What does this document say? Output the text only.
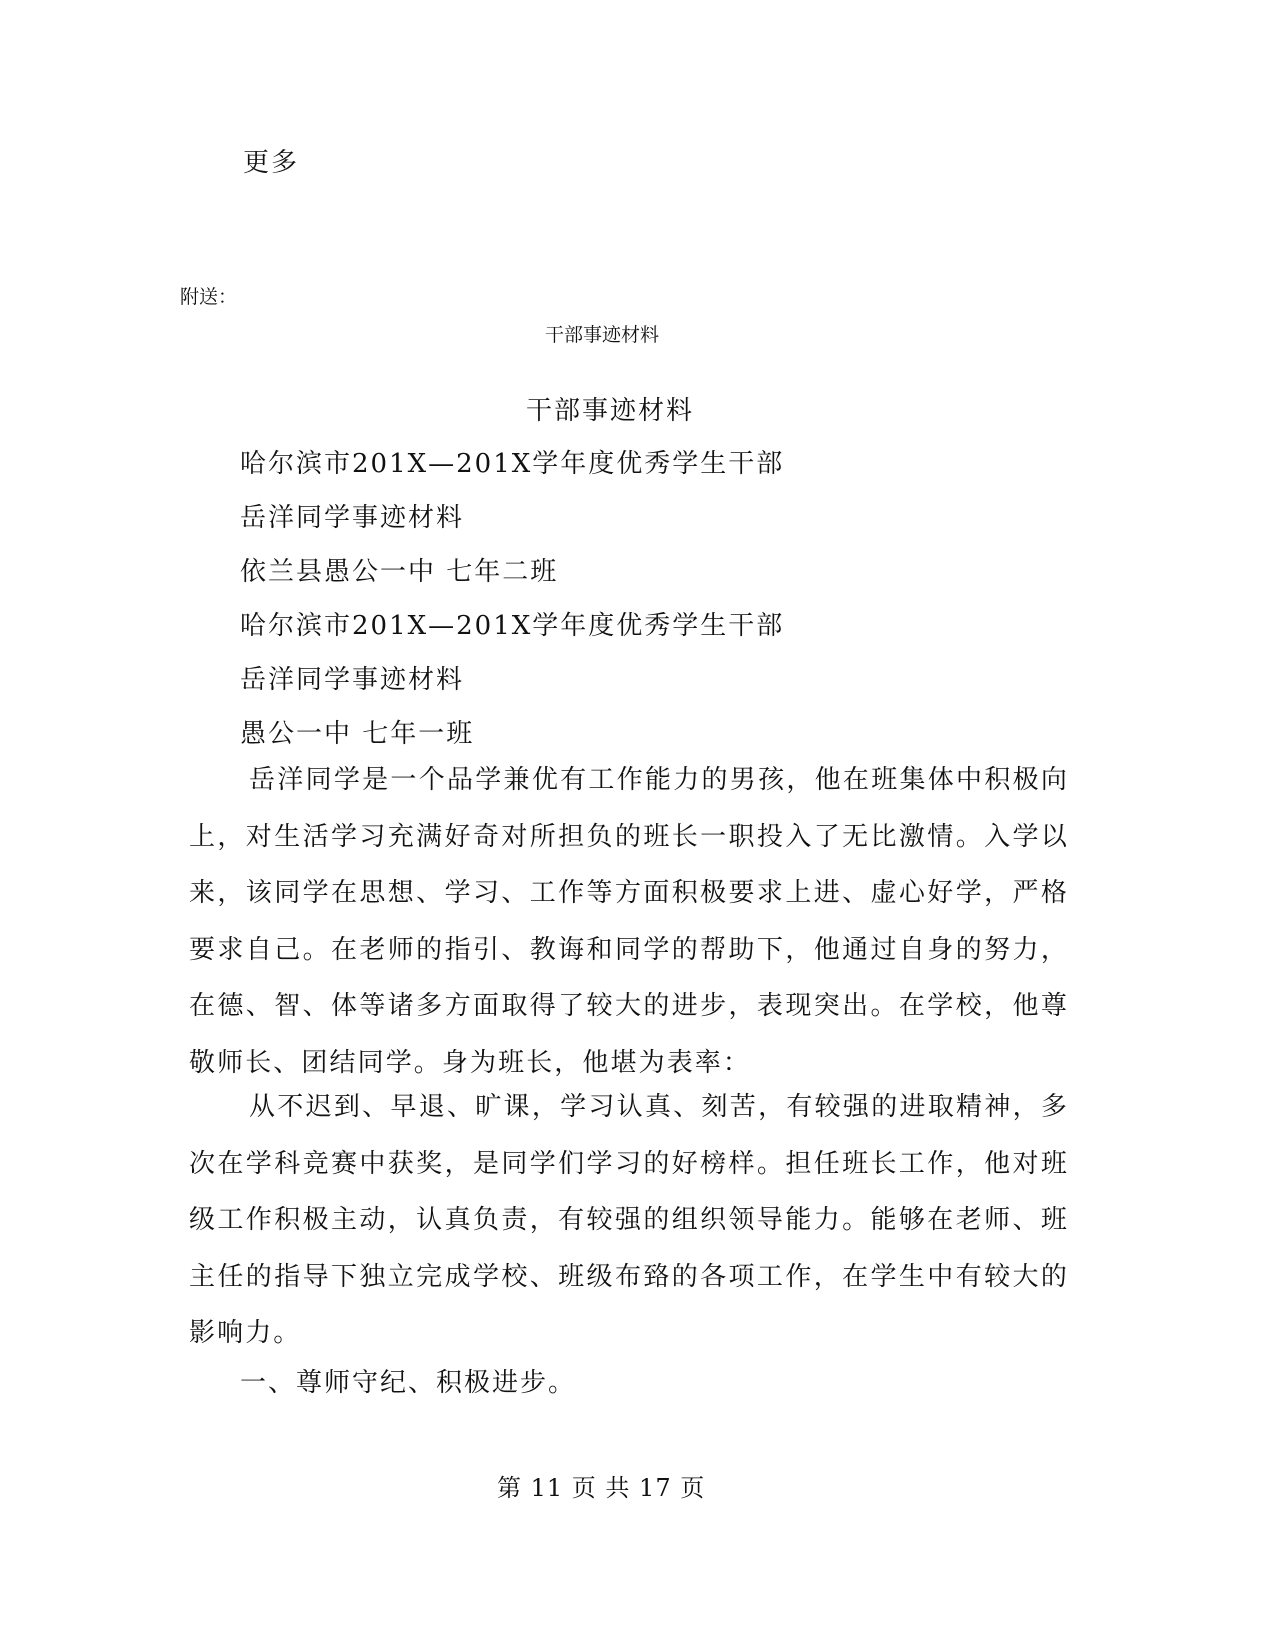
更多

附送：

干部事迹材料

干部事迹材料

哈尔滨市201X—201X学年度优秀学生干部

岳洋同学事迹材料

依兰县愚公一中 七年二班

哈尔滨市201X—201X学年度优秀学生干部

岳洋同学事迹材料

愚公一中 七年一班

岳洋同学是一个品学兼优有工作能力的男孩，他在班集体中积极向上，对生活学习充满好奇对所担负的班长一职投入了无比激情。入学以来，该同学在思想、学习、工作等方面积极要求上进、虚心好学，严格要求自己。在老师的指引、教诲和同学的帮助下，他通过自身的努力，在德、智、体等诸多方面取得了较大的进步，表现突出。在学校，他尊敬师长、团结同学。身为班长，他堪为表率：

从不迟到、早退、旷课，学习认真、刻苦，有较强的进取精神，多次在学科竞赛中获奖，是同学们学习的好榜样。担任班长工作，他对班级工作积极主动，认真负责，有较强的组织领导能力。能够在老师、班主任的指导下独立完成学校、班级布臵的各项工作，在学生中有较大的影响力。

一、尊师守纪、积极进步。

第 11 页 共 17 页
